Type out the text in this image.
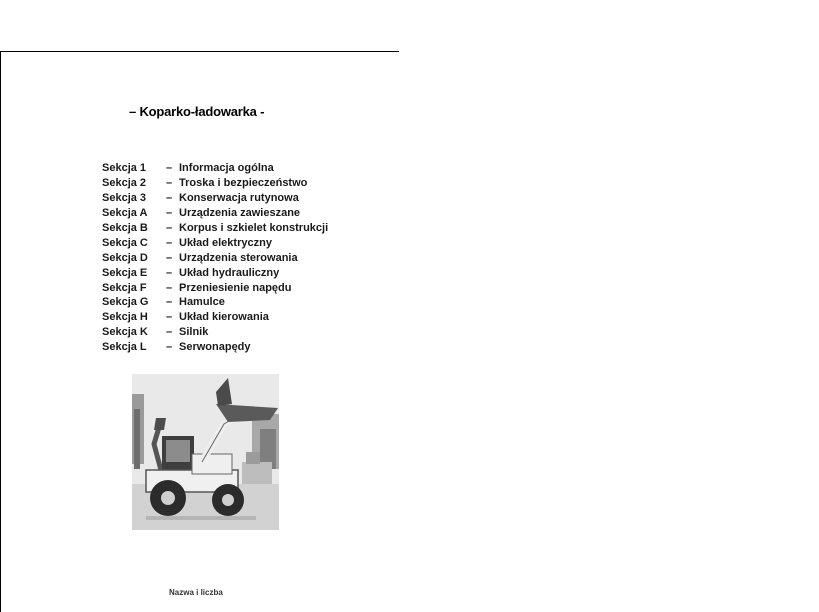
– Koparko-ładowarka -
Sekcja 1	– Informacja ogólna
Sekcja 2	– Troska i bezpieczeństwo
Sekcja 3	– Konserwacja rutynowa
Sekcja A	– Urządzenia zawieszane
Sekcja B	– Korpus i szkielet konstrukcji
Sekcja C	– Układ elektryczny
Sekcja D	– Urządzenia sterowania
Sekcja E	– Układ hydrauliczny
Sekcja F	– Przeniesienie napędu
Sekcja G	– Hamulce
Sekcja H	– Układ kierowania
Sekcja K	– Silnik
Sekcja L	– Serwonapędy
Nazwa i liczba
